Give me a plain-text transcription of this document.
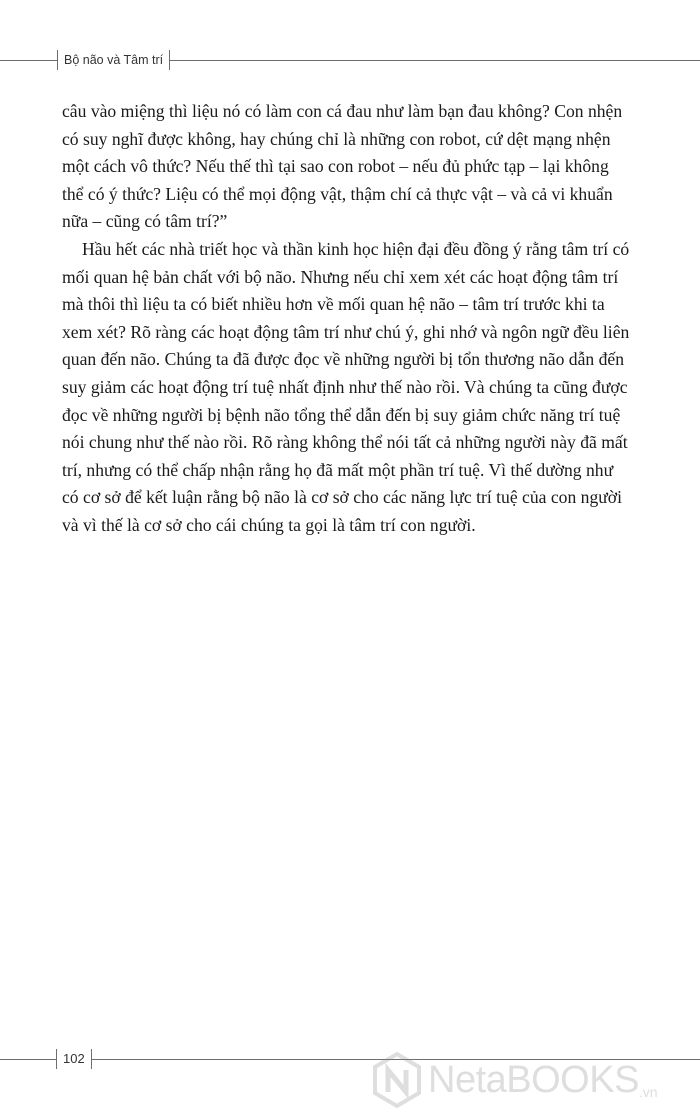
Bộ não và Tâm trí

câu vào miệng thì liệu nó có làm con cá đau như làm bạn đau không? Con nhện có suy nghĩ được không, hay chúng chỉ là những con robot, cứ dệt mạng nhện một cách vô thức? Nếu thế thì tại sao con robot – nếu đủ phức tạp – lại không thể có ý thức? Liệu có thể mọi động vật, thậm chí cả thực vật – và cả vi khuẩn nữa – cũng có tâm trí?”

Hầu hết các nhà triết học và thần kinh học hiện đại đều đồng ý rằng tâm trí có mối quan hệ bản chất với bộ não. Nhưng nếu chỉ xem xét các hoạt động tâm trí mà thôi thì liệu ta có biết nhiều hơn về mối quan hệ não – tâm trí trước khi ta xem xét? Rõ ràng các hoạt động tâm trí như chú ý, ghi nhớ và ngôn ngữ đều liên quan đến não. Chúng ta đã được đọc về những người bị tổn thương não dẫn đến suy giảm các hoạt động trí tuệ nhất định như thế nào rồi. Và chúng ta cũng được đọc về những người bị bệnh não tổng thể dẫn đến bị suy giảm chức năng trí tuệ nói chung như thế nào rồi. Rõ ràng không thể nói tất cả những người này đã mất trí, nhưng có thể chấp nhận rằng họ đã mất một phần trí tuệ. Vì thế dường như có cơ sở để kết luận rằng bộ não là cơ sở cho các năng lực trí tuệ của con người và vì thế là cơ sở cho cái chúng ta gọi là tâm trí con người.

102	NetaBOOKS .vn
